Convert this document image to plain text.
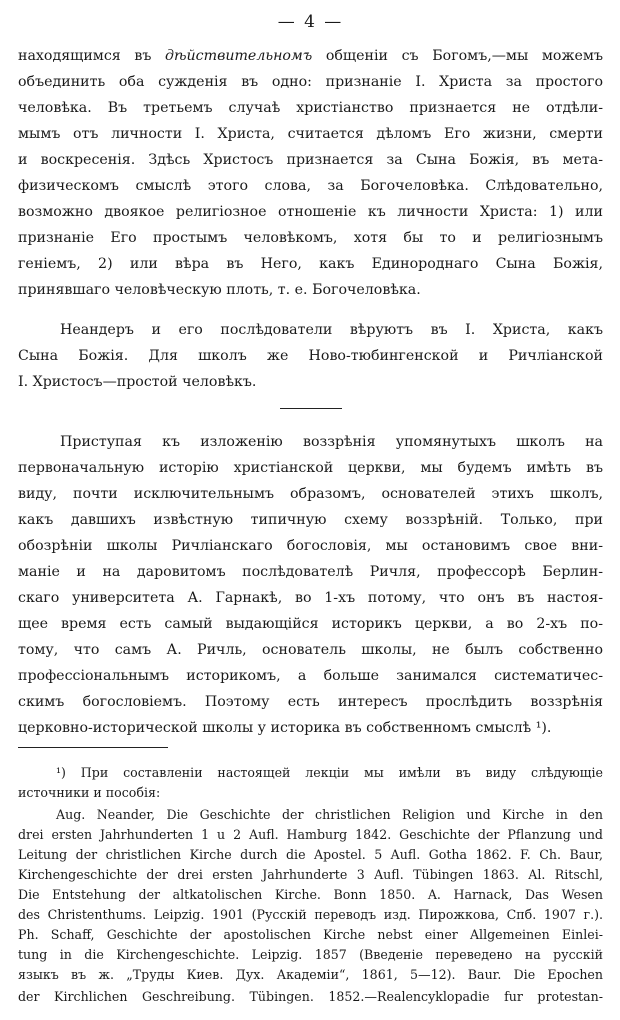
— 4 —
находящимся въ дѣйствительномъ общенiи съ Богомъ,—мы можемъ
объединить оба сужденiя въ одно: признанiе I. Христа за простого
человѣка. Въ третьемъ случаѣ христiанство признается не отдѣли-
мымъ отъ личности I. Христа, считается дѣломъ Его жизни, смерти
и воскресенiя. Здѣсь Христосъ признается за Сына Божiя, въ мета-
физическомъ смыслѣ этого слова, за Богочеловѣка. Слѣдовательно,
возможно двоякое религiозное отношенiе къ личности Христа: 1) или
признанiе Его простымъ человѣкомъ, хотя бы то и религiознымъ
генiемъ, 2) или вѣра въ Него, какъ Единороднаго Сына Божiя,
принявшаго человѣческую плоть, т. е. Богочеловѣка.
Неандеръ и его послѣдователи вѣруютъ въ I. Христа, какъ
Сына Божiя. Для школъ же Ново-тюбингенской и Ричлiанской
I. Христосъ—простой человѣкъ.
Приступая къ изложенiю воззрѣнiя упомянутыхъ школъ на
первоначальную исторiю христiанской церкви, мы будемъ имѣть въ
виду, почти исключительнымъ образомъ, основателей этихъ школъ,
какъ давшихъ извѣстную типичную схему воззрѣнiй. Только, при
обозрѣнiи школы Ричлiанскаго богословiя, мы остановимъ свое вни-
манiе и на даровитомъ послѣдователѣ Ричля, профессорѣ Берлин-
скаго университета А. Гарнакѣ, во 1-хъ потому, что онъ въ настоя-
щее время есть самый выдающiйся историкъ церкви, а во 2-хъ по-
тому, что самъ А. Ричль, основатель школы, не былъ собственно
профессiональнымъ историкомъ, а больше занимался систематичес-
скимъ богословiемъ. Поэтому есть интересъ прослѣдить воззрѣнiя
церковно-исторической школы у историка въ собственномъ смыслѣ ¹).
¹) При составленiи настоящей лекцiи мы имѣли въ виду слѣдующiе
источники и пособiя:
Aug. Neander, Die Geschichte der christlichen Religion und Kirche in den
drei ersten Jahrhunderten 1 u 2 Aufl. Hamburg 1842. Geschichte der Pflanzung und
Leitung der christlichen Kirche durch die Apostel. 5 Aufl. Gotha 1862. F. Ch. Baur,
Kirchengeschichte der drei ersten Jahrhunderte 3 Aufl. Tübingen 1863. Al. Ritschl,
Die Entstehung der altkatolischen Kirche. Bonn 1850. A. Harnack, Das Wesen
des Christenthums. Leipzig. 1901 (Русскiй переводъ изд. Пирожкова, Спб. 1907 г.).
Ph. Schaff, Geschichte der apostolischen Kirche nebst einer Allgemeinen Einlei-
tung in die Kirchengeschichte. Leipzig. 1857 (Введенiе переведено на русскiй
языкъ въ ж. „Труды Киев. Дух. Академiи“, 1861, 5—12). Baur. Die Epochen
der Kirchlichen Geschreibung. Tübingen. 1852.—Realencyklopadie fur protestan-
